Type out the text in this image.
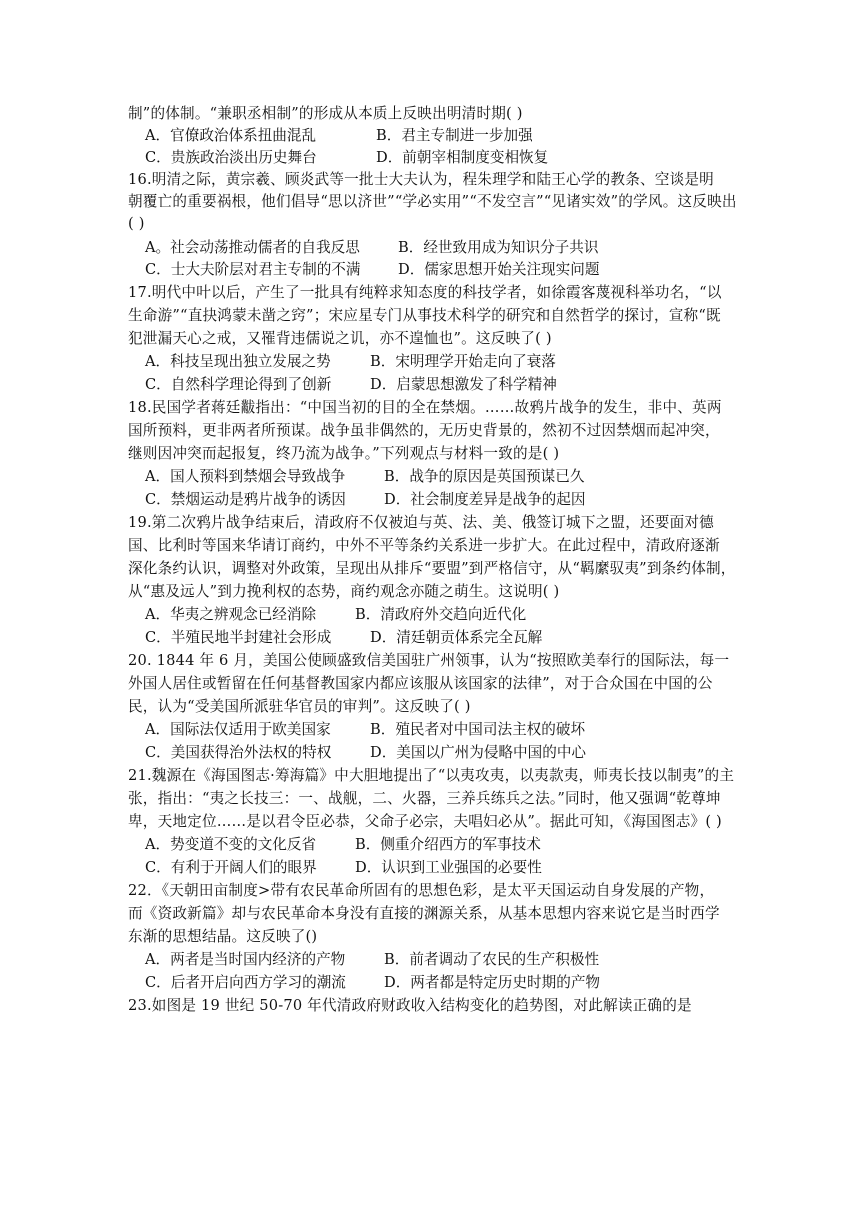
制”的体制。“兼职丞相制”的形成从本质上反映出明清时期( )
A．官僚政治体系扭曲混乱	B．君主专制进一步加强
C．贵族政治淡出历史舞台	D．前朝宰相制度变相恢复
16.明清之际，黄宗羲、顾炎武等一批士大夫认为，程朱理学和陆王心学的教条、空谈是明
朝覆亡的重要祸根，他们倡导“思以济世”“学必实用”“不发空言”“见诸实效”的学风。这反映出
( )
A。社会动荡推动儒者的自我反思	B．经世致用成为知识分子共识
C．士大夫阶层对君主专制的不满	D．儒家思想开始关注现实问题
17.明代中叶以后，产生了一批具有纯粹求知态度的科技学者，如徐霞客蔑视科举功名，“以
生命游”“直抉鸿蒙未凿之窍”；宋应星专门从事技术科学的研究和自然哲学的探讨，宣称“既
犯泄漏天心之戒，又罹背违儒说之讥，亦不遑恤也”。这反映了( )
A．科技呈现出独立发展之势	B．宋明理学开始走向了衰落
C．自然科学理论得到了创新	D．启蒙思想激发了科学精神
18.民国学者蒋廷黻指出：“中国当初的目的全在禁烟。……故鸦片战争的发生，非中、英两
国所预料，更非两者所预谋。战争虽非偶然的，无历史背景的，然初不过因禁烟而起冲突，
继则因冲突而起报复，终乃流为战争。”下列观点与材料一致的是( )
A．国人预料到禁烟会导致战争	B．战争的原因是英国预谋已久
C．禁烟运动是鸦片战争的诱因	D．社会制度差异是战争的起因
19.第二次鸦片战争结束后，清政府不仅被迫与英、法、美、俄签订城下之盟，还要面对德
国、比利时等国来华请订商约，中外不平等条约关系进一步扩大。在此过程中，清政府逐渐
深化条约认识，调整对外政策，呈现出从排斥“要盟”到严格信守，从“羁縻驭夷”到条约体制，
从“惠及远人”到力挽利权的态势，商约观念亦随之萌生。这说明( )
A．华夷之辨观念已经消除	B．清政府外交趋向近代化
C．半殖民地半封建社会形成	D．清廷朝贡体系完全瓦解
20. 1844 年 6 月，美国公使顾盛致信美国驻广州领事，认为“按照欧美奉行的国际法，每一
外国人居住或暂留在任何基督教国家内都应该服从该国家的法律”，对于合众国在中国的公
民，认为“受美国所派驻华官员的审判”。这反映了( )
A．国际法仅适用于欧美国家	B．殖民者对中国司法主权的破坏
C．美国获得治外法权的特权	D．美国以广州为侵略中国的中心
21.魏源在《海国图志·筹海篇》中大胆地提出了“以夷攻夷，以夷款夷，师夷长技以制夷”的主
张，指出：“夷之长技三：一、战舰，二、火器，三养兵练兵之法。”同时，他又强调“乾尊坤
卑，天地定位……是以君令臣必恭，父命子必宗，夫唱妇必从”。据此可知，《海国图志》( )
A．势变道不变的文化反省	B．侧重介绍西方的军事技术
C．有利于开阔人们的眼界	D．认识到工业强国的必要性
22．《天朝田亩制度>带有农民革命所固有的思想色彩，是太平天国运动自身发展的产物，
而《资政新篇》却与农民革命本身没有直接的渊源关系，从基本思想内容来说它是当时西学
东渐的思想结晶。这反映了()
A．两者是当时国内经济的产物	B．前者调动了农民的生产积极性
C．后者开启向西方学习的潮流	D．两者都是特定历史时期的产物
23.如图是 19 世纪 50-70 年代清政府财政收入结构变化的趋势图，对此解读正确的是
